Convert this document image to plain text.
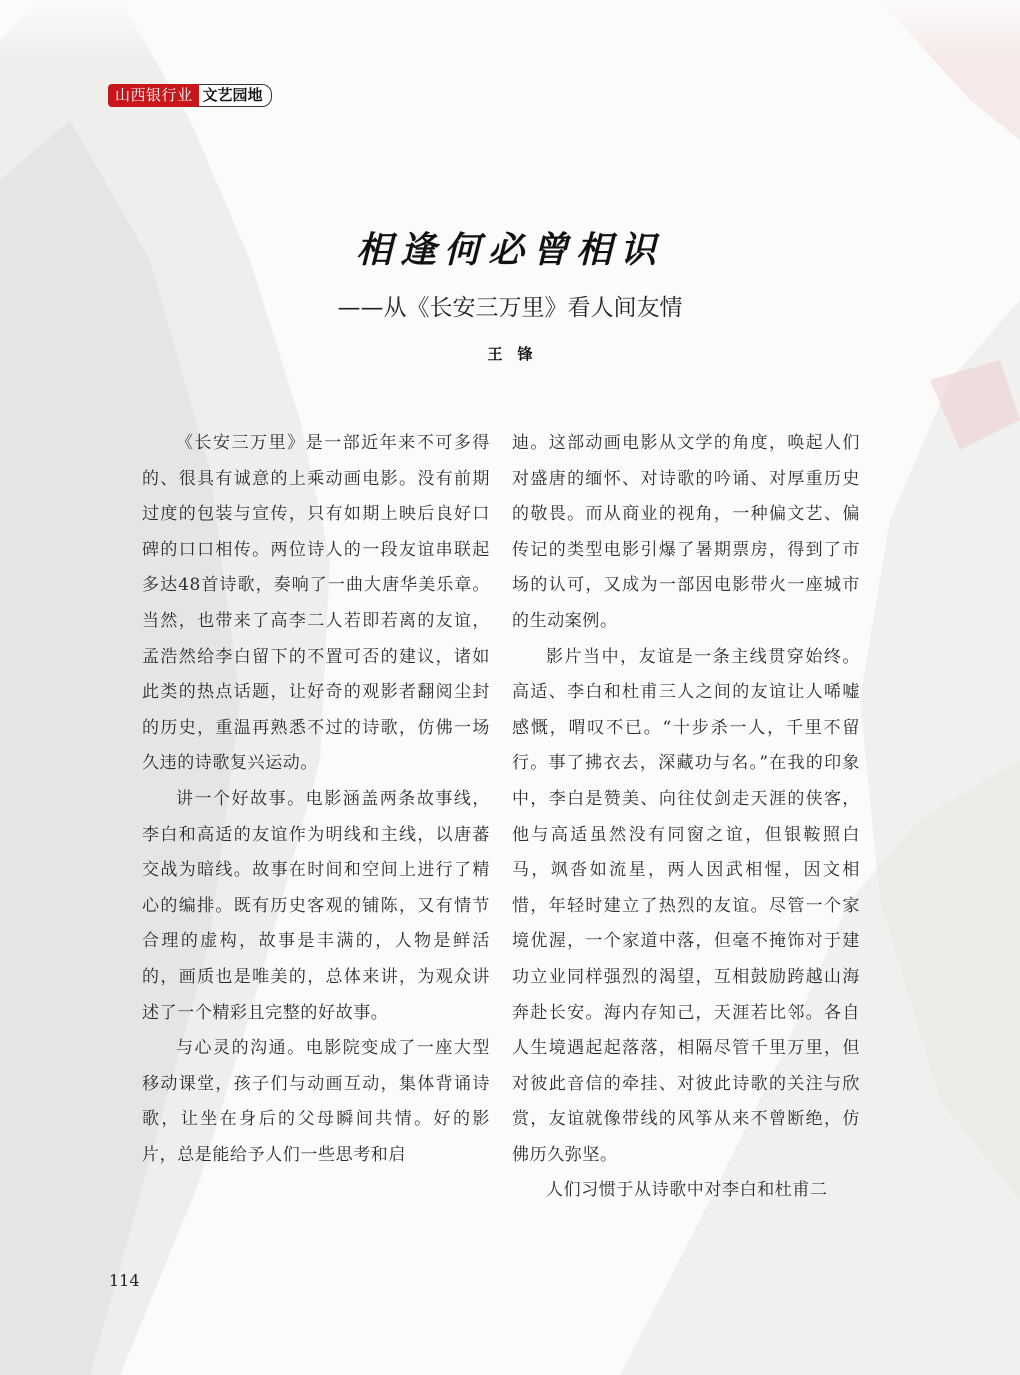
山西银行业 文艺园地
相逢何必曾相识
——从《长安三万里》看人间友情
王　锋

《长安三万里》是一部近年来不可多得的、很具有诚意的上乘动画电影。没有前期过度的包装与宣传，只有如期上映后良好口碑的口口相传。两位诗人的一段友谊串联起多达48首诗歌，奏响了一曲大唐华美乐章。当然，也带来了高李二人若即若离的友谊，孟浩然给李白留下的不置可否的建议，诸如此类的热点话题，让好奇的观影者翻阅尘封的历史，重温再熟悉不过的诗歌，仿佛一场久违的诗歌复兴运动。

讲一个好故事。电影涵盖两条故事线，李白和高适的友谊作为明线和主线，以唐蕃交战为暗线。故事在时间和空间上进行了精心的编排。既有历史客观的铺陈，又有情节合理的虚构，故事是丰满的，人物是鲜活的，画质也是唯美的，总体来讲，为观众讲述了一个精彩且完整的好故事。

与心灵的沟通。电影院变成了一座大型移动课堂，孩子们与动画互动，集体背诵诗歌，让坐在身后的父母瞬间共情。好的影片，总是能给予人们一些思考和启

迪。这部动画电影从文学的角度，唤起人们对盛唐的缅怀、对诗歌的吟诵、对厚重历史的敬畏。而从商业的视角，一种偏文艺、偏传记的类型电影引爆了暑期票房，得到了市场的认可，又成为一部因电影带火一座城市的生动案例。

影片当中，友谊是一条主线贯穿始终。高适、李白和杜甫三人之间的友谊让人唏嘘感慨，喟叹不已。“十步杀一人，千里不留行。事了拂衣去，深藏功与名。”在我的印象中，李白是赞美、向往仗剑走天涯的侠客，他与高适虽然没有同窗之谊，但银鞍照白马，飒沓如流星，两人因武相惺，因文相惜，年轻时建立了热烈的友谊。尽管一个家境优渥，一个家道中落，但毫不掩饰对于建功立业同样强烈的渴望，互相鼓励跨越山海奔赴长安。海内存知己，天涯若比邻。各自人生境遇起起落落，相隔尽管千里万里，但对彼此音信的牵挂、对彼此诗歌的关注与欣赏，友谊就像带线的风筝从来不曾断绝，仿佛历久弥坚。

人们习惯于从诗歌中对李白和杜甫二

114
